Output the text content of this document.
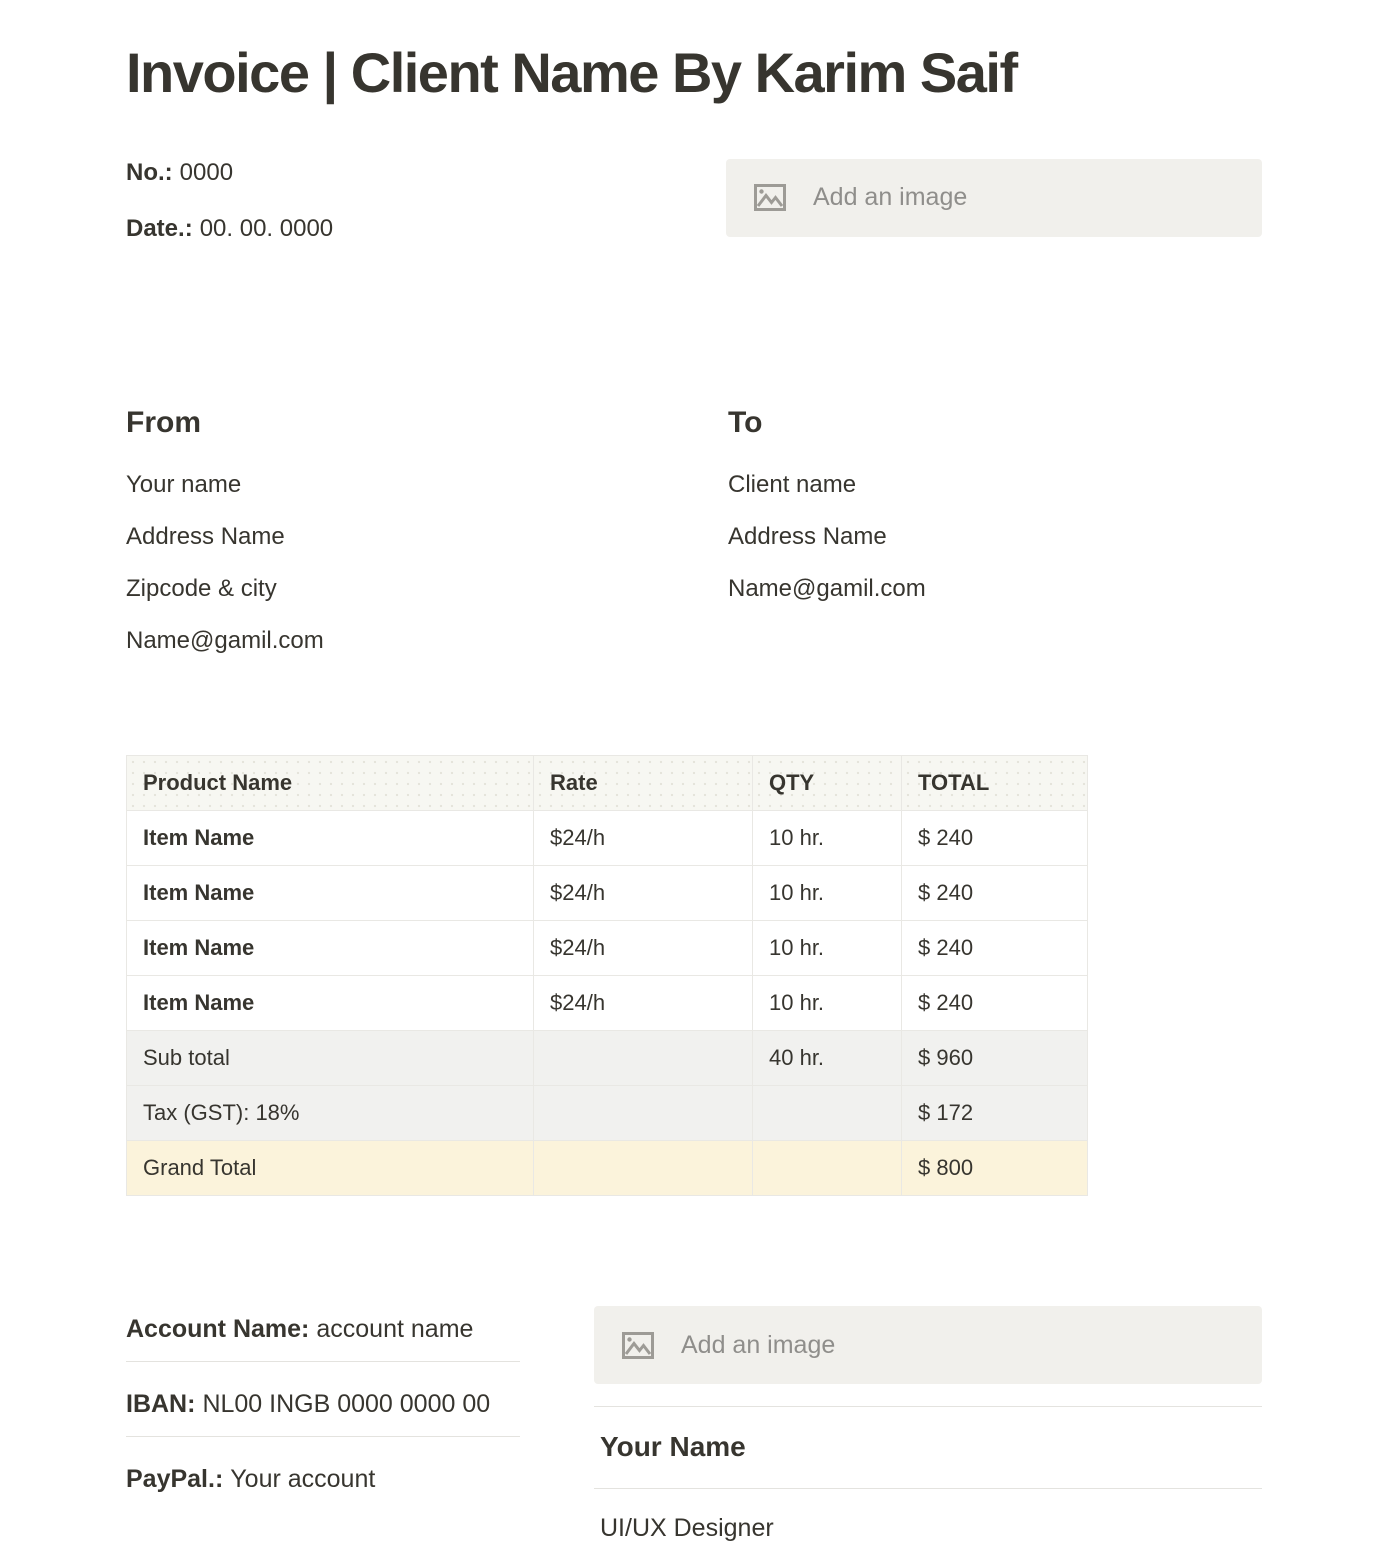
Invoice | Client Name By Karim Saif

No.: 0000

Date.: 00. 00. 0000

Add an image
From

Your name

Address Name

Zipcode & city

Name@gamil.com

To

Client name

Address Name

Name@gamil.com

Product Name	Rate	QTY	TOTAL
Item Name	$24/h	10 hr.	$ 240
Item Name	$24/h	10 hr.	$ 240
Item Name	$24/h	10 hr.	$ 240
Item Name	$24/h	10 hr.	$ 240
Sub total		40 hr.	$ 960
Tax (GST): 18%			$ 172
Grand Total			$ 800
Account Name: account name
IBAN: NL00 INGB 0000 0000 00
PayPal.: Your account
Add an image
Your Name
UI/UX Designer
